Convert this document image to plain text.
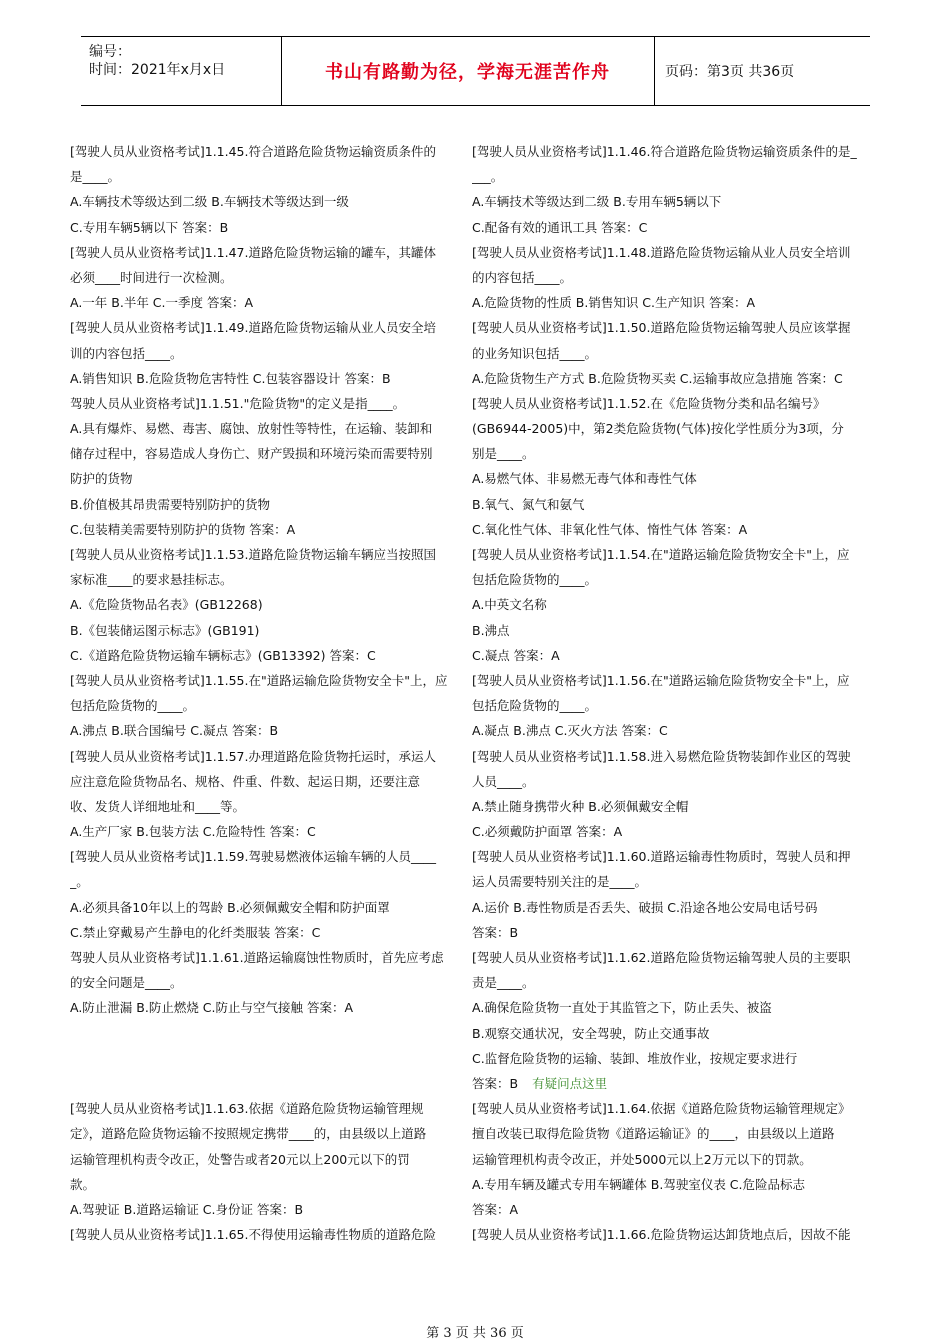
编号：
时间：2021年x月x日	书山有路勤为径，学海无涯苦作舟	页码：第3页 共36页
[驾驶人员从业资格考试]1.1.45.符合道路危险货物运输资质条件的
是____。
A.车辆技术等级达到二级 B.车辆技术等级达到一级
C.专用车辆5辆以下 答案：B
[驾驶人员从业资格考试]1.1.47.道路危险货物运输的罐车，其罐体
必须____时间进行一次检测。
A.一年 B.半年 C.一季度 答案：A
[驾驶人员从业资格考试]1.1.49.道路危险货物运输从业人员安全培
训的内容包括____。
A.销售知识 B.危险货物危害特性 C.包装容器设计 答案：B
驾驶人员从业资格考试]1.1.51."危险货物"的定义是指____。
A.具有爆炸、易燃、毒害、腐蚀、放射性等特性，在运输、装卸和
储存过程中，容易造成人身伤亡、财产毁损和环境污染而需要特别
防护的货物
B.价值极其昂贵需要特别防护的货物
C.包装精美需要特别防护的货物 答案：A
[驾驶人员从业资格考试]1.1.53.道路危险货物运输车辆应当按照国
家标准____的要求悬挂标志。
A.《危险货物品名表》(GB12268)
B.《包装储运图示标志》(GB191)
C.《道路危险货物运输车辆标志》(GB13392) 答案：C
[驾驶人员从业资格考试]1.1.55.在"道路运输危险货物安全卡"上，应
包括危险货物的____。
A.沸点 B.联合国编号 C.凝点 答案：B
[驾驶人员从业资格考试]1.1.57.办理道路危险货物托运时，承运人
应注意危险货物品名、规格、件重、件数、起运日期，还要注意
收、发货人详细地址和____等。
A.生产厂家 B.包装方法 C.危险特性 答案：C
[驾驶人员从业资格考试]1.1.59.驾驶易燃液体运输车辆的人员____
_。
A.必须具备10年以上的驾龄 B.必须佩戴安全帽和防护面罩
C.禁止穿戴易产生静电的化纤类服装 答案：C
驾驶人员从业资格考试]1.1.61.道路运输腐蚀性物质时，首先应考虑
的安全问题是____。
A.防止泄漏 B.防止燃烧 C.防止与空气接触 答案：A
[驾驶人员从业资格考试]1.1.63.依据《道路危险货物运输管理规
定》，道路危险货物运输不按照规定携带____的，由县级以上道路
运输管理机构责令改正，处警告或者20元以上200元以下的罚
款。
A.驾驶证 B.道路运输证 C.身份证 答案：B
[驾驶人员从业资格考试]1.1.65.不得使用运输毒性物质的道路危险
[驾驶人员从业资格考试]1.1.46.符合道路危险货物运输资质条件的是_
___。
A.车辆技术等级达到二级 B.专用车辆5辆以下
C.配备有效的通讯工具 答案：C
[驾驶人员从业资格考试]1.1.48.道路危险货物运输从业人员安全培训
的内容包括____。
A.危险货物的性质 B.销售知识 C.生产知识 答案：A
[驾驶人员从业资格考试]1.1.50.道路危险货物运输驾驶人员应该掌握
的业务知识包括____。
A.危险货物生产方式 B.危险货物买卖 C.运输事故应急措施 答案：C
[驾驶人员从业资格考试]1.1.52.在《危险货物分类和品名编号》
(GB6944-2005)中，第2类危险货物(气体)按化学性质分为3项，分
别是____。
A.易燃气体、非易燃无毒气体和毒性气体
B.氧气、氮气和氨气
C.氧化性气体、非氧化性气体、惰性气体 答案：A
[驾驶人员从业资格考试]1.1.54.在"道路运输危险货物安全卡"上，应
包括危险货物的____。
A.中英文名称
B.沸点
C.凝点 答案：A
[驾驶人员从业资格考试]1.1.56.在"道路运输危险货物安全卡"上，应
包括危险货物的____。
A.凝点 B.沸点 C.灭火方法 答案：C
[驾驶人员从业资格考试]1.1.58.进入易燃危险货物装卸作业区的驾驶
人员____。
A.禁止随身携带火种 B.必须佩戴安全帽
C.必须戴防护面罩 答案：A
[驾驶人员从业资格考试]1.1.60.道路运输毒性物质时，驾驶人员和押
运人员需要特别关注的是____。
A.运价 B.毒性物质是否丢失、破损 C.沿途各地公安局电话号码
答案：B
[驾驶人员从业资格考试]1.1.62.道路危险货物运输驾驶人员的主要职
责是____。
A.确保危险货物一直处于其监管之下，防止丢失、被盗
B.观察交通状况，安全驾驶，防止交通事故
C.监督危险货物的运输、装卸、堆放作业，按规定要求进行
答案：B 有疑问点这里
[驾驶人员从业资格考试]1.1.64.依据《道路危险货物运输管理规定》
擅自改装已取得危险货物《道路运输证》的____，由县级以上道路
运输管理机构责令改正，并处5000元以上2万元以下的罚款。
A.专用车辆及罐式专用车辆罐体 B.驾驶室仪表 C.危险品标志
答案：A
[驾驶人员从业资格考试]1.1.66.危险货物运达卸货地点后，因故不能
第 3 页 共 36 页
